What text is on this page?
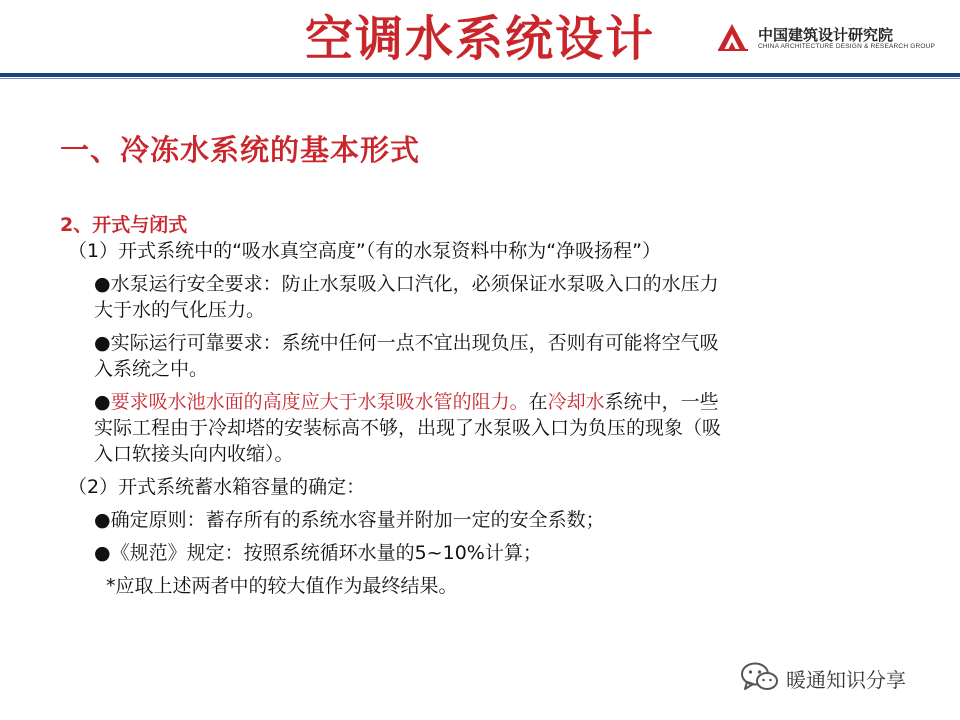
空调水系统设计	中国建筑设计研究院
CHINA ARCHITECTURE DESIGN & RESEARCH GROUP
一、冷冻水系统的基本形式
2、开式与闭式
（1）开式系统中的“吸水真空高度”（有的水泵资料中称为“净吸扬程”）

●水泵运行安全要求：防止水泵吸入口汽化，必须保证水泵吸入口的水压力

大于水的气化压力。

●实际运行可靠要求：系统中任何一点不宜出现负压，否则有可能将空气吸

入系统之中。

●要求吸水池水面的高度应大于水泵吸水管的阻力。在冷却水系统中，一些

实际工程由于冷却塔的安装标高不够，出现了水泵吸入口为负压的现象（吸

入口软接头向内收缩）。

（2）开式系统蓄水箱容量的确定：

●确定原则：蓄存所有的系统水容量并附加一定的安全系数；

●《规范》规定：按照系统循环水量的5~10%计算；

*应取上述两者中的较大值作为最终结果。
暖通知识分享
